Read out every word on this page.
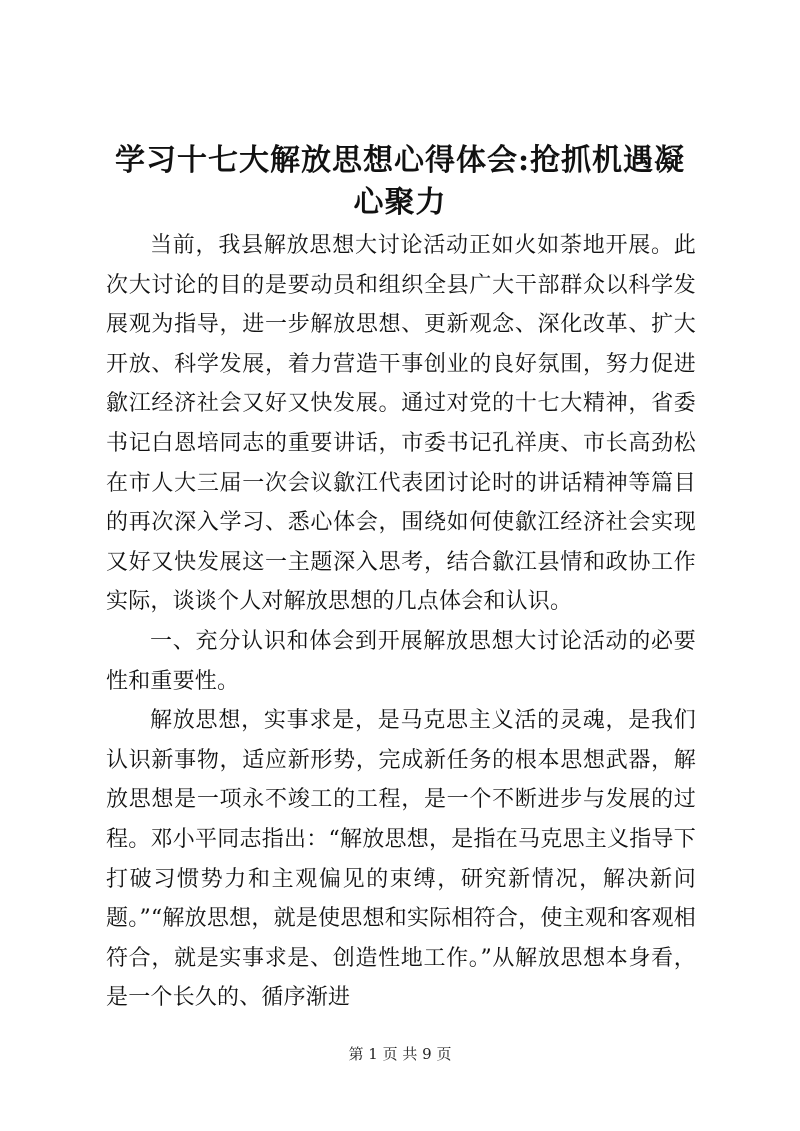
学习十七大解放思想心得体会:抢抓机遇凝心聚力

当前，我县解放思想大讨论活动正如火如荼地开展。此次大讨论的目的是要动员和组织全县广大干部群众以科学发展观为指导，进一步解放思想、更新观念、深化改革、扩大开放、科学发展，着力营造干事创业的良好氛围，努力促进歙江经济社会又好又快发展。通过对党的十七大精神，省委书记白恩培同志的重要讲话，市委书记孔祥庚、市长高劲松在市人大三届一次会议歙江代表团讨论时的讲话精神等篇目的再次深入学习、悉心体会，围绕如何使歙江经济社会实现又好又快发展这一主题深入思考，结合歙江县情和政协工作实际，谈谈个人对解放思想的几点体会和认识。

一、充分认识和体会到开展解放思想大讨论活动的必要性和重要性。

解放思想，实事求是，是马克思主义活的灵魂，是我们认识新事物，适应新形势，完成新任务的根本思想武器，解放思想是一项永不竣工的工程，是一个不断进步与发展的过程。邓小平同志指出：“解放思想，是指在马克思主义指导下打破习惯势力和主观偏见的束缚，研究新情况，解决新问题。”“解放思想，就是使思想和实际相符合，使主观和客观相符合，就是实事求是、创造性地工作。”从解放思想本身看，是一个长久的、循序渐进

第 1 页 共 9 页
